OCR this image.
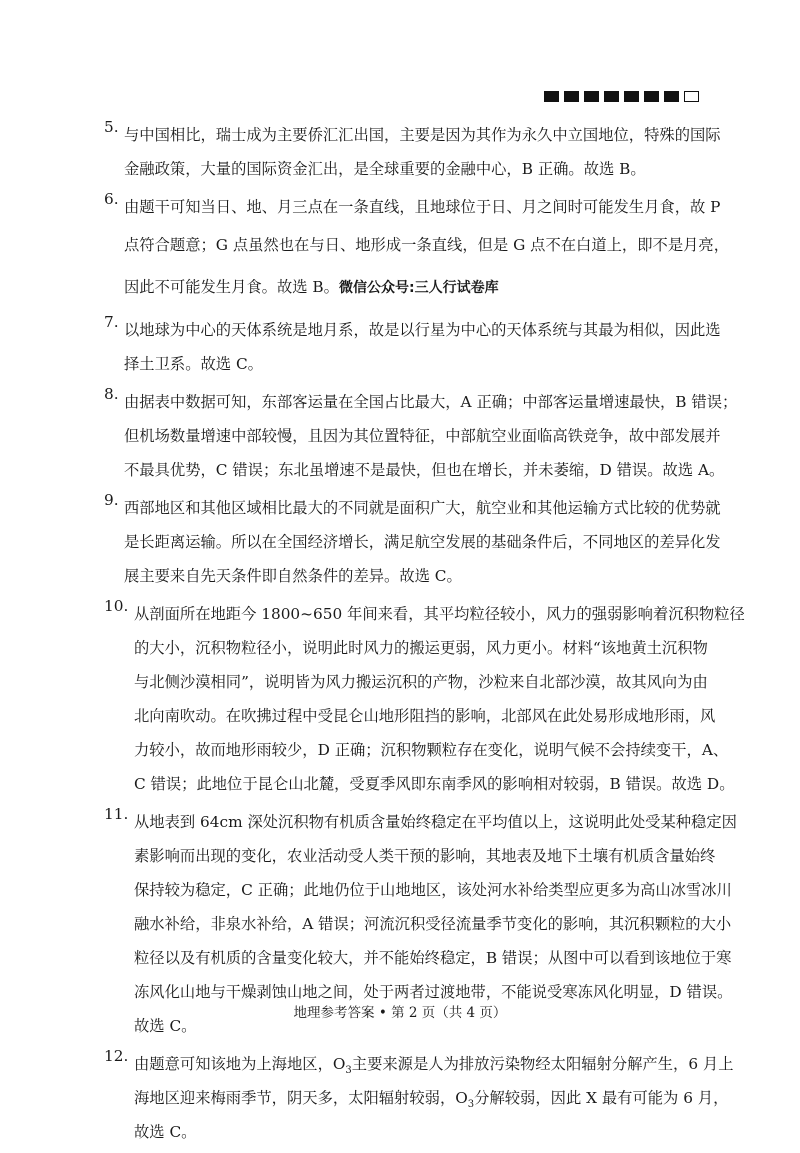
5. 与中国相比，瑞士成为主要侨汇汇出国，主要是因为其作为永久中立国地位，特殊的国际
金融政策，大量的国际资金汇出，是全球重要的金融中心，B 正确。故选 B。
6. 由题干可知当日、地、月三点在一条直线，且地球位于日、月之间时可能发生月食，故 P
点符合题意；G 点虽然也在与日、地形成一条直线，但是 G 点不在白道上，即不是月亮，
因此不可能发生月食。故选 B。微信公众号:三人行试卷库
7. 以地球为中心的天体系统是地月系，故是以行星为中心的天体系统与其最为相似，因此选
择土卫系。故选 C。
8. 由据表中数据可知，东部客运量在全国占比最大，A 正确；中部客运量增速最快，B 错误；
但机场数量增速中部较慢，且因为其位置特征，中部航空业面临高铁竞争，故中部发展并
不最具优势，C 错误；东北虽增速不是最快，但也在增长，并未萎缩，D 错误。故选 A。
9. 西部地区和其他区域相比最大的不同就是面积广大，航空业和其他运输方式比较的优势就
是长距离运输。所以在全国经济增长，满足航空发展的基础条件后，不同地区的差异化发
展主要来自先天条件即自然条件的差异。故选 C。
10. 从剖面所在地距今 1800~650 年间来看，其平均粒径较小，风力的强弱影响着沉积物粒径
的大小，沉积物粒径小，说明此时风力的搬运更弱，风力更小。材料“该地黄土沉积物
与北侧沙漠相同”，说明皆为风力搬运沉积的产物，沙粒来自北部沙漠，故其风向为由
北向南吹动。在吹拂过程中受昆仑山地形阻挡的影响，北部风在此处易形成地形雨，风
力较小，故而地形雨较少，D 正确；沉积物颗粒存在变化，说明气候不会持续变干，A、
C 错误；此地位于昆仑山北麓，受夏季风即东南季风的影响相对较弱，B 错误。故选 D。
11. 从地表到 64cm 深处沉积物有机质含量始终稳定在平均值以上，这说明此处受某种稳定因
素影响而出现的变化，农业活动受人类干预的影响，其地表及地下土壤有机质含量始终
保持较为稳定，C 正确；此地仍位于山地地区，该处河水补给类型应更多为高山冰雪冰川
融水补给，非泉水补给，A 错误；河流沉积受径流量季节变化的影响，其沉积颗粒的大小
粒径以及有机质的含量变化较大，并不能始终稳定，B 错误；从图中可以看到该地位于寒
冻风化山地与干燥剥蚀山地之间，处于两者过渡地带，不能说受寒冻风化明显，D 错误。
故选 C。
12. 由题意可知该地为上海地区，$O_3$主要来源是人为排放污染物经太阳辐射分解产生，6 月上
海地区迎来梅雨季节，阴天多，太阳辐射较弱，$O_3$分解较弱，因此 X 最有可能为 6 月，
故选 C。
地理参考答案 • 第 2 页（共 4 页）
